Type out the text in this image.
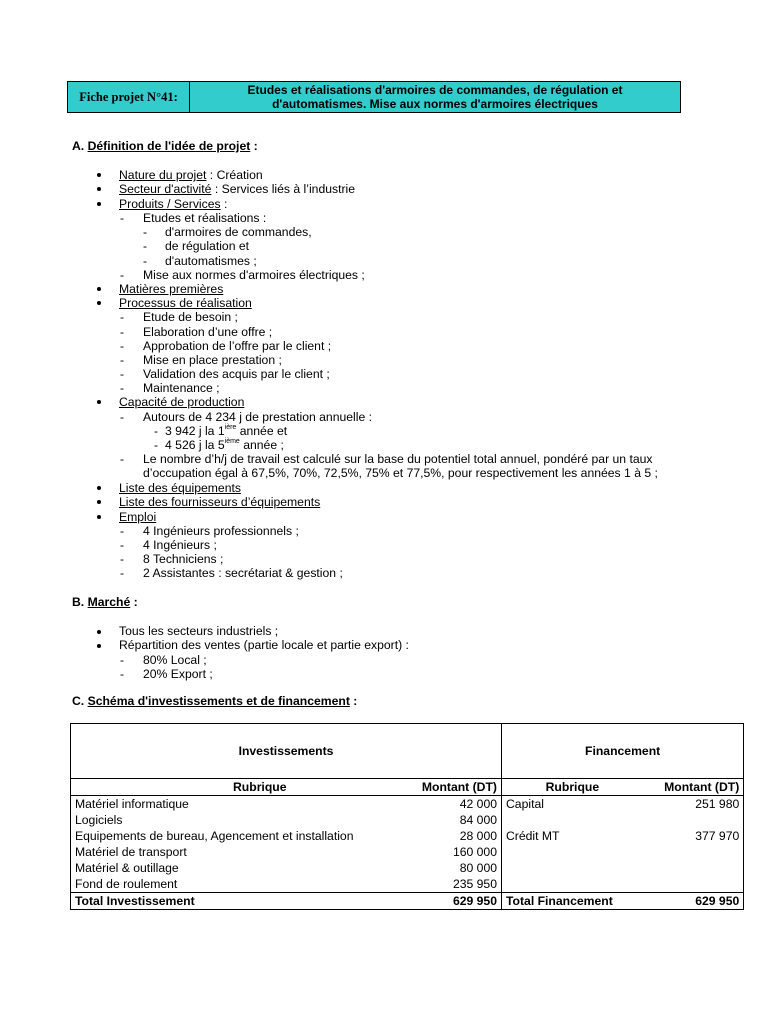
Fiche projet N°41:	Etudes et réalisations d'armoires de commandes, de régulation et
d'automatismes. Mise aux normes d'armoires électriques
A. Définition de l'idée de projet :
Nature du projet : Création
Secteur d'activité : Services liés à l’industrie
Produits / Services :
- Etudes et réalisations :
- d'armoires de commandes,
- de régulation et
- d'automatismes ;
- Mise aux normes d'armoires électriques ;
Matières premières
Processus de réalisation
- Etude de besoin ;
- Elaboration d’une offre ;
- Approbation de l’offre par le client ;
- Mise en place prestation ;
- Validation des acquis par le client ;
- Maintenance ;
Capacité de production
- Autours de 4 234 j de prestation annuelle :
- 3 942 j la $1^{ière}$ année et
- 4 526 j la 5ième année ;
- Le nombre d’h/j de travail est calculé sur la base du potentiel total annuel, pondéré par un taux
d’occupation égal à 67,5%, 70%, 72,5%, 75% et 77,5%, pour respectivement les années 1 à 5 ;
Liste des équipements
Liste des fournisseurs d’équipements
Emploi
- 4 Ingénieurs professionnels ;
- 4 Ingénieurs ;
- 8 Techniciens ;
- 2 Assistantes : secrétariat & gestion ;
B. Marché :
Tous les secteurs industriels ;
Répartition des ventes (partie locale et partie export) :
- 80% Local ;
- 20% Export ;
C. Schéma d'investissements et de financement :
Investissements		Financement	
Rubrique	Montant (DT)	Rubrique	Montant (DT)
Matériel informatique	42 000	Capital	251 980
Logiciels	84 000		
Equipements de bureau, Agencement et installation	28 000	Crédit MT	377 970
Matériel de transport	160 000		
Matériel & outillage	80 000		
Fond de roulement	235 950		
Total Investissement	629 950	Total Financement	629 950
